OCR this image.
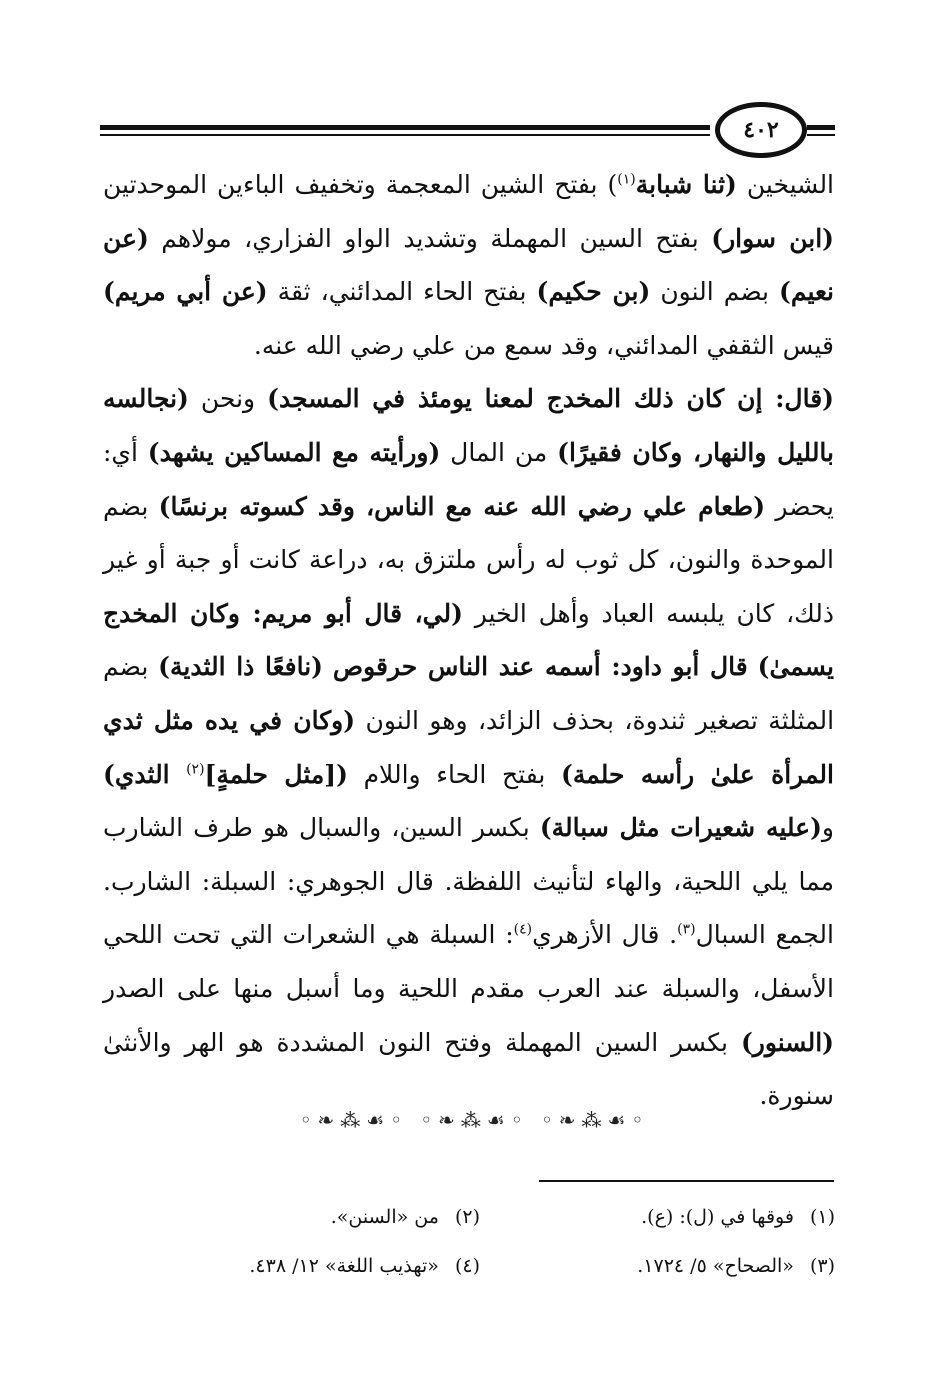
٤٠٢

الشيخين (ثنا شبابة$^{(١)}$) بفتح الشين المعجمة وتخفيف الباءين الموحدتين (ابن سوار) بفتح السين المهملة وتشديد الواو الفزاري، مولاهم (عن نعيم) بضم النون (بن حكيم) بفتح الحاء المدائني، ثقة (عن أبي مريم) قيس الثقفي المدائني، وقد سمع من علي رضي الله عنه.

(قال: إن كان ذلك المخدج لمعنا يومئذ في المسجد) ونحن (نجالسه بالليل والنهار، وكان فقيرًا) من المال (ورأيته مع المساكين يشهد) أي: يحضر (طعام علي رضي الله عنه مع الناس، وقد كسوته برنسًا) بضم الموحدة والنون، كل ثوب له رأس ملتزق به، دراعة كانت أو جبة أو غير ذلك، كان يلبسه العباد وأهل الخير (لي، قال أبو مريم: وكان المخدج يسمىٰ) قال أبو داود: أسمه عند الناس حرقوص (نافعًا ذا الثدية) بضم المثلثة تصغير ثندوة، بحذف الزائد، وهو النون (وكان في يده مثل ثدي المرأة علىٰ رأسه حلمة) بفتح الحاء واللام ([مثل حلمةٍ]$^{(٢)}$ الثدي) و(عليه شعيرات مثل سبالة) بكسر السين، والسبال هو طرف الشارب مما يلي اللحية، والهاء لتأنيث اللفظة. قال الجوهري: السبلة: الشارب. الجمع السبال$^{(٣)}$. قال الأزهري$^{(٤)}$: السبلة هي الشعرات التي تحت اللحي الأسفل، والسبلة عند العرب مقدم اللحية وما أسبل منها على الصدر (السنور) بكسر السين المهملة وفتح النون المشددة هو الهر والأنثىٰ سنورة.

◦❧⁂☙◦ ◦❧⁂☙◦ ◦❧⁂☙◦
(١)
فوقها في (ل): (ع).
(٢)
من «السنن».
(٣)
«الصحاح» ٥/ ١٧٢٤.
(٤)
«تهذيب اللغة» ١٢/ ٤٣٨.
